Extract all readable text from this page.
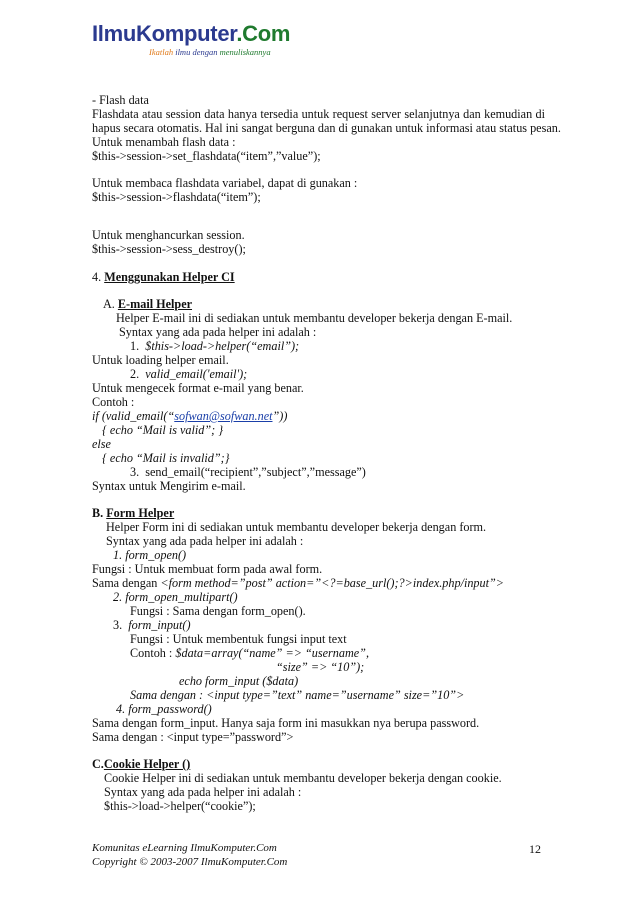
IlmuKomputer.Com
Ikatlah ilmu dengan menuliskannya
- Flash data
Flashdata atau session data hanya tersedia untuk request server selanjutnya dan kemudian di
hapus secara otomatis. Hal ini sangat berguna dan di gunakan untuk informasi atau status pesan.
Untuk menambah flash data :
$this->session->set_flashdata(“item”,”value”);
Untuk membaca flashdata variabel, dapat di gunakan :
$this->session->flashdata(“item”);
Untuk menghancurkan session.
$this->session->sess_destroy();
4. Menggunakan Helper CI
A. E-mail Helper
Helper E-mail ini di sediakan untuk membantu developer bekerja dengan E-mail.
Syntax yang ada pada helper ini adalah :
1. $this->load->helper(“email”);
Untuk loading helper email.
2. valid_email('email');
Untuk mengecek format e-mail yang benar.
Contoh :
if (valid_email(“sofwan@sofwan.net”))
{ echo “Mail is valid”; }
else
{ echo “Mail is invalid”;}
3. send_email(“recipient”,”subject”,”message”)
Syntax untuk Mengirim e-mail.
B. Form Helper
Helper Form ini di sediakan untuk membantu developer bekerja dengan form.
Syntax yang ada pada helper ini adalah :
1. form_open()
Fungsi : Untuk membuat form pada awal form.
Sama dengan <form method=”post” action=”<?=base_url();?>index.php/input”>
2. form_open_multipart()
Fungsi : Sama dengan form_open().
3. form_input()
Fungsi : Untuk membentuk fungsi input text
Contoh : $data=array(“name” => “username”,
“size” => “10”);
echo form_input ($data)
Sama dengan : <input type=”text” name=”username” size=”10”>
4. form_password()
Sama dengan form_input. Hanya saja form ini masukkan nya berupa password.
Sama dengan : <input type=”password”>
C.Cookie Helper ()
Cookie Helper ini di sediakan untuk membantu developer bekerja dengan cookie.
Syntax yang ada pada helper ini adalah :
$this->load->helper(“cookie”);
Komunitas eLearning IlmuKomputer.Com
Copyright © 2003-2007 IlmuKomputer.Com
12
